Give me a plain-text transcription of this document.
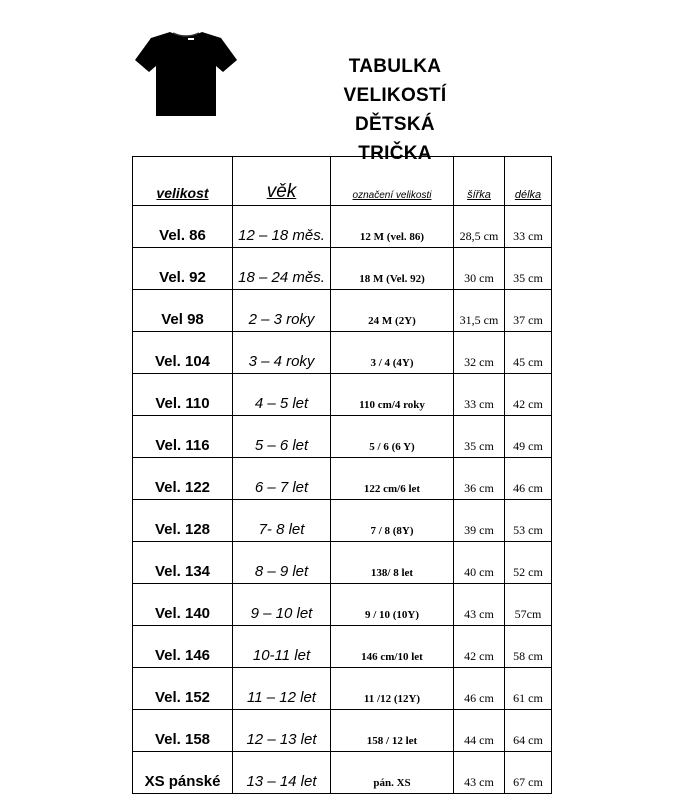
TABULKA
VELIKOSTÍ
DĚTSKÁ
TRIČKA
velikost	věk	označení velikosti	šířka	délka
Vel. 86	12 – 18 měs.	12 M (vel. 86)	28,5 cm	33 cm
Vel. 92	18 – 24 měs.	18 M (Vel. 92)	30 cm	35 cm
Vel 98	2 – 3 roky	24 M (2Y)	31,5 cm	37 cm
Vel. 104	3 – 4 roky	3 / 4 (4Y)	32 cm	45 cm
Vel. 110	4 – 5 let	110 cm/4 roky	33 cm	42 cm
Vel. 116	5 – 6 let	5 / 6 (6 Y)	35 cm	49 cm
Vel. 122	6 – 7 let	122 cm/6 let	36 cm	46 cm
Vel. 128	7- 8 let	7 / 8 (8Y)	39 cm	53 cm
Vel. 134	8 – 9 let	138/ 8 let	40 cm	52 cm
Vel. 140	9 – 10 let	9 / 10 (10Y)	43 cm	57cm
Vel. 146	10-11 let	146 cm/10 let	42 cm	58 cm
Vel. 152	11 – 12 let	11 /12 (12Y)	46 cm	61 cm
Vel. 158	12 – 13 let	158 / 12 let	44 cm	64 cm
XS pánské	13 – 14 let	pán. XS	43 cm	67 cm
